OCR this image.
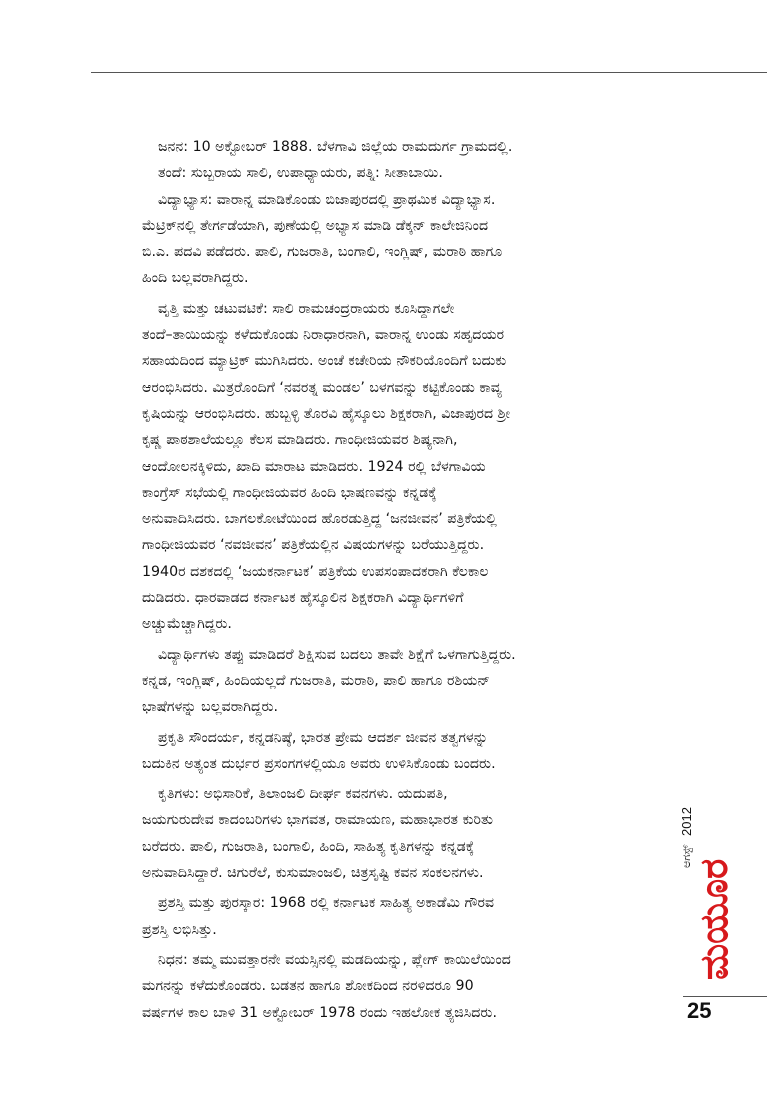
ಜನನ: 10 ಅಕ್ಟೋಬರ್ 1888. ಬೆಳಗಾವಿ ಜಿಲ್ಲೆಯ ರಾಮದುರ್ಗ ಗ್ರಾಮದಲ್ಲಿ.
ತಂದೆ: ಸುಬ್ಬರಾಯ ಸಾಲಿ, ಉಪಾಧ್ಯಾಯರು, ಪತ್ನಿ: ಸೀತಾಬಾಯಿ.
ವಿದ್ಯಾಭ್ಯಾಸ: ವಾರಾನ್ನ ಮಾಡಿಕೊಂಡು ಬಿಜಾಪುರದಲ್ಲಿ ಪ್ರಾಥಮಿಕ ವಿದ್ಯಾಭ್ಯಾಸ.
ಮೆಟ್ರಿಕ್‌ನಲ್ಲಿ ತೇರ್ಗಡೆಯಾಗಿ, ಪುಣೆಯಲ್ಲಿ ಅಭ್ಯಾಸ ಮಾಡಿ ಡೆಕ್ಕನ್ ಕಾಲೇಜಿನಿಂದ
ಬಿ.ಎ. ಪದವಿ ಪಡೆದರು. ಪಾಲಿ, ಗುಜರಾತಿ, ಬಂಗಾಲಿ, ಇಂಗ್ಲಿಷ್, ಮರಾಠಿ ಹಾಗೂ
ಹಿಂದಿ ಬಲ್ಲವರಾಗಿದ್ದರು.
ವೃತ್ತಿ ಮತ್ತು ಚಟುವಟಿಕೆ: ಸಾಲಿ ರಾಮಚಂದ್ರರಾಯರು ಕೂಸಿದ್ದಾಗಲೇ
ತಂದೆ–ತಾಯಿಯನ್ನು ಕಳೆದುಕೊಂಡು ನಿರಾಧಾರನಾಗಿ, ವಾರಾನ್ನ ಉಂಡು ಸಹೃದಯರ
ಸಹಾಯದಿಂದ ಮ್ಯಾಟ್ರಿಕ್ ಮುಗಿಸಿದರು. ಅಂಚೆ ಕಚೇರಿಯ ನೌಕರಿಯೊಂದಿಗೆ ಬದುಕು
ಆರಂಭಿಸಿದರು. ಮಿತ್ರರೊಂದಿಗೆ ‘ನವರತ್ನ ಮಂಡಲ’ ಬಳಗವನ್ನು ಕಟ್ಟಿಕೊಂಡು ಕಾವ್ಯ
ಕೃಷಿಯನ್ನು ಆರಂಭಿಸಿದರು. ಹುಬ್ಬಳ್ಳಿ ತೊರವಿ ಹೈಸ್ಕೂಲು ಶಿಕ್ಷಕರಾಗಿ, ವಿಜಾಪುರದ ಶ್ರೀ
ಕೃಷ್ಣ ಪಾಠಶಾಲೆಯಲ್ಲೂ ಕೆಲಸ ಮಾಡಿದರು. ಗಾಂಧೀಜಿಯವರ ಶಿಷ್ಯನಾಗಿ,
ಆಂದೋಲನಕ್ಕಿಳಿದು, ಖಾದಿ ಮಾರಾಟ ಮಾಡಿದರು. 1924 ರಲ್ಲಿ ಬೆಳಗಾವಿಯ
ಕಾಂಗ್ರೆಸ್ ಸಭೆಯಲ್ಲಿ ಗಾಂಧೀಜಿಯವರ ಹಿಂದಿ ಭಾಷಣವನ್ನು ಕನ್ನಡಕ್ಕೆ
ಅನುವಾದಿಸಿದರು. ಬಾಗಲಕೋಟೆಯಿಂದ ಹೊರಡುತ್ತಿದ್ದ ‘ಜನಜೀವನ’ ಪತ್ರಿಕೆಯಲ್ಲಿ
ಗಾಂಧೀಜಿಯವರ ‘ನವಜೀವನ’ ಪತ್ರಿಕೆಯಲ್ಲಿನ ವಿಷಯಗಳನ್ನು ಬರೆಯುತ್ತಿದ್ದರು.
1940ರ ದಶಕದಲ್ಲಿ ‘ಜಯಕರ್ನಾಟಕ’ ಪತ್ರಿಕೆಯ ಉಪಸಂಪಾದಕರಾಗಿ ಕೆಲಕಾಲ
ದುಡಿದರು. ಧಾರವಾಡದ ಕರ್ನಾಟಕ ಹೈಸ್ಕೂಲಿನ ಶಿಕ್ಷಕರಾಗಿ ವಿದ್ಯಾರ್ಥಿಗಳಿಗೆ
ಅಚ್ಚುಮೆಚ್ಚಾಗಿದ್ದರು.
ವಿದ್ಯಾರ್ಥಿಗಳು ತಪ್ಪು ಮಾಡಿದರೆ ಶಿಕ್ಷಿಸುವ ಬದಲು ತಾವೇ ಶಿಕ್ಷೆಗೆ ಒಳಗಾಗುತ್ತಿದ್ದರು.
ಕನ್ನಡ, ಇಂಗ್ಲಿಷ್, ಹಿಂದಿಯಲ್ಲದೆ ಗುಜರಾತಿ, ಮರಾಠಿ, ಪಾಲಿ ಹಾಗೂ ರಶಿಯನ್
ಭಾಷೆಗಳನ್ನು ಬಲ್ಲವರಾಗಿದ್ದರು.
ಪ್ರಕೃತಿ ಸೌಂದರ್ಯ, ಕನ್ನಡನಿಷ್ಠೆ, ಭಾರತ ಪ್ರೇಮ ಆದರ್ಶ ಜೀವನ ತತ್ವಗಳನ್ನು
ಬದುಕಿನ ಅತ್ಯಂತ ದುರ್ಭರ ಪ್ರಸಂಗಗಳಲ್ಲಿಯೂ ಅವರು ಉಳಿಸಿಕೊಂಡು ಬಂದರು.
ಕೃತಿಗಳು: ಅಭಿಸಾರಿಕೆ, ತಿಲಾಂಜಲಿ ದೀರ್ಘ ಕವನಗಳು. ಯದುಪತಿ,
ಜಯಗುರುದೇವ ಕಾದಂಬರಿಗಳು ಭಾಗವತ, ರಾಮಾಯಣ, ಮಹಾಭಾರತ ಕುರಿತು
ಬರೆದರು. ಪಾಲಿ, ಗುಜರಾತಿ, ಬಂಗಾಲಿ, ಹಿಂದಿ, ಸಾಹಿತ್ಯ ಕೃತಿಗಳನ್ನು ಕನ್ನಡಕ್ಕೆ
ಅನುವಾದಿಸಿದ್ದಾರೆ. ಚಿಗುರೆಲೆ, ಕುಸುಮಾಂಜಲಿ, ಚಿತ್ರಸೃಷ್ಟಿ ಕವನ ಸಂಕಲನಗಳು.
ಪ್ರಶಸ್ತಿ ಮತ್ತು ಪುರಸ್ಕಾರ: 1968 ರಲ್ಲಿ ಕರ್ನಾಟಕ ಸಾಹಿತ್ಯ ಅಕಾಡೆಮಿ ಗೌರವ
ಪ್ರಶಸ್ತಿ ಲಭಿಸಿತ್ತು.
ನಿಧನ: ತಮ್ಮ ಮುವತ್ತಾರನೇ ವಯಸ್ಸಿನಲ್ಲಿ ಮಡದಿಯನ್ನು, ಪ್ಲೇಗ್ ಕಾಯಿಲೆಯಿಂದ
ಮಗನನ್ನು ಕಳೆದುಕೊಂಡರು. ಬಡತನ ಹಾಗೂ ಶೋಕದಿಂದ ನರಳಿದರೂ 90
ವರ್ಷಗಳ ಕಾಲ ಬಾಳಿ 31 ಅಕ್ಟೋಬರ್ 1978 ರಂದು ಇಹಲೋಕ ತ್ಯಜಿಸಿದರು.
2012
ಆಗಸ್ಟ್
ಮಯೂರ
25
